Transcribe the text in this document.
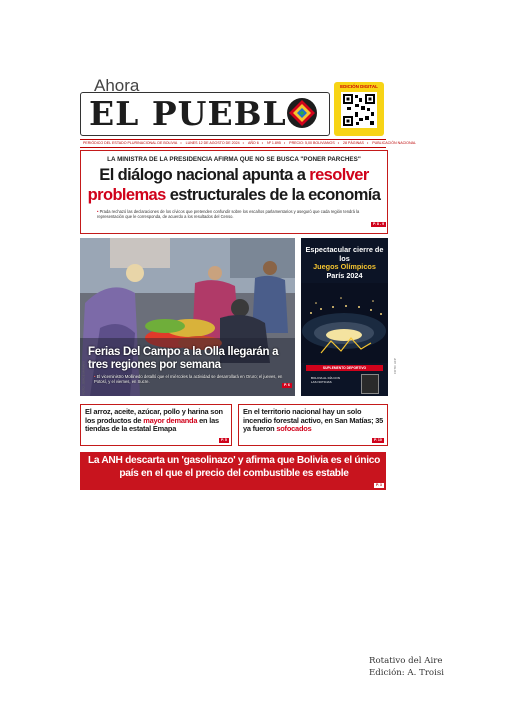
Ahora
EL PUEBL
EDICIÓN DIGITAL
PERIÓDICO DEL ESTADO PLURINACIONAL DE BOLIVIA • LUNES 12 DE AGOSTO DE 2024 • AÑO 6 • Nº 1.895 • PRECIO: 5,00 BOLIVIANOS • 28 PÁGINAS • PUBLICACIÓN NACIONAL
LA MINISTRA DE LA PRESIDENCIA AFIRMA QUE NO SE BUSCA "PONER PARCHES"
El diálogo nacional apunta a resolver
problemas estructurales de la economía
• Prada rechazó las declaraciones de los cívicos que pretenden confundir sobre los escaños parlamentarios y aseguró que cada región tendrá la representación que le corresponda, de acuerdo a los resultados del Censo.
P. 8 - 9
Ferias Del Campo a la Olla llegarán a tres regiones por semana
• El viceministro Mollinedo detalló que el miércoles la actividad se desarrollará en Oruro; el jueves, en Potosí, y el viernes, en Sucre.
P. 6
FOTO: JORGE MAMANI
Espectacular cierre de los
Juegos Olímpicos
París 2024
SUPLEMENTO DEPORTIVO
BOLIVIA AL DÍA CON LAS NOTICIAS
FOTO: AFP
El arroz, aceite, azúcar, pollo y harina son los productos de mayor demanda en las tiendas de la estatal Emapa
P. 5
En el territorio nacional hay un solo incendio forestal activo, en San Matías; 35 ya fueron sofocados
P. 10
La ANH descarta un 'gasolinazo' y afirma que Bolivia es el único país en el que el precio del combustible es estable
P. 3
Rotativo del Aire
Edición: A. Troisi
